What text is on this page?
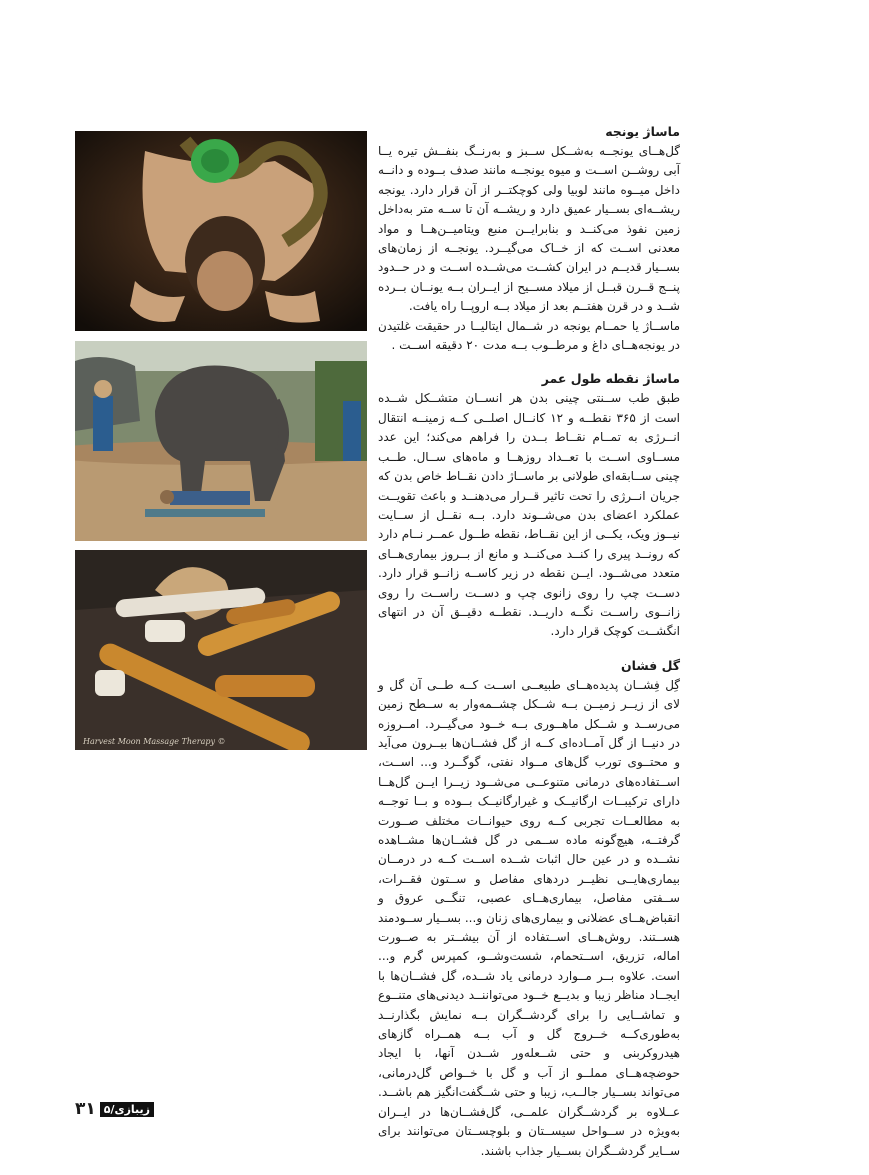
Harvest Moon Massage Therapy ©

ماساژ یونجه

گل‌هــای یونجــه به‌شــکل ســبز و به‌رنــگ بنفــش تیره یــا آبی روشــن اســت و میوه یونجــه مانند صدف بــوده و دانــه داخل میــوه مانند لوبیا ولی کوچکتــر از آن قرار دارد. یونجه ریشــه‌ای بســیار عمیق دارد و ریشــه آن تا ســه متر به‌داخل زمین نفوذ می‌کنــد و بنابرایــن منبع ویتامیــن‌هــا و مواد معدنی اســت که از خــاک می‌گیــرد. یونجــه از زمان‌های بســیار قدیــم در ایران کشــت می‌شــده اســت و در حــدود پنــج قــرن قبــل از میلاد مســیح از ایــران بــه یونــان بــرده شــد و در قرن هفتــم بعد از میلاد بــه اروپــا راه یافت.

ماســاژ یا حمــام یونجه در شــمال ایتالیــا در حقیقت غلتیدن در یونجه‌هــای داغ و مرطــوب بــه مدت ۲۰ دقیقه اســت .

ماساژ نقطه طول عمر

طبق طب ســنتی چینی بدن هر انســان متشــکل شــده است از ۳۶۵ نقطــه و ۱۲ کانــال اصلــی کــه زمینــه انتقال انــرژی به تمــام نقــاط بــدن را فراهم می‌کند؛ این عدد مســاوی اســت با تعــداد روزهــا و ماه‌های ســال. طــب چینی ســابقه‌ای طولانی بر ماســاژ دادن نقــاط خاص بدن که جریان انــرژی را تحت تاثیر قــرار می‌دهنــد و باعث تقویــت عملکرد اعضای بدن می‌شــوند دارد. بــه نقــل از ســایت نیــوز ویک، یکــی از این نقــاط، نقطه طــول عمــر نــام دارد که رونــد پیری را کنــد می‌کنــد و مانع از بــروز بیماری‌هــای متعدد می‌شــود. ایــن نقطه در زیر کاســه زانــو قرار دارد. دســت چپ را روی زانوی چپ و دســت راســت را روی زانــوی راســت نگــه داریــد. نقطــه دقیــق آن در انتهای انگشــت کوچک قرار دارد.

گل فشان

گِل فِشــان پدیده‌هــای طبیعــی اســت کــه طــی آن گل و لای از زیــر زمیــن بــه شــکل چشــمه‌وار به ســطح زمین می‌رســد و شــکل ماهــوری بــه خــود می‌گیــرد. امــروزه در دنیــا از گل آمــاده‌ای کــه از گل فشــان‌ها بیــرون می‌آید و محتــوی تورب گل‌های مــواد نفتی، گوگــرد و... اســت، اســتفاده‌های درمانی متنوعــی می‌شــود زیــرا ایــن گل‌هــا دارای ترکیبــات ارگانیــک و غیرارگانیــک بــوده و بــا توجــه به مطالعــات تجربی کــه روی حیوانــات مختلف صــورت گرفتــه، هیچ‌گونه ماده ســمی در گل فشــان‌ها مشــاهده نشــده و در عین حال اثبات شــده اســت کــه در درمــان بیماری‌هایــی نظیــر دردهای مفاصل و ســتون فقــرات، ســفتی مفاصل، بیماری‌هــای عصبی، تنگــی عروق و انقباض‌هــای عضلانی و بیماری‌های زنان و... بســیار ســودمند هســتند. روش‌هــای اســتفاده از آن بیشــتر به صــورت اماله، تزریق، اســتحمام، شست‌وشــو، کمپرس گرم و... است. علاوه بــر مــوارد درمانی یاد شــده، گل فشــان‌ها با ایجــاد مناظر زیبا و بدیــع خــود می‌تواننــد دیدنی‌های متنــوع و تماشــایی را برای گردشــگران بــه نمایش بگذارنــد به‌طوری‌کــه خــروج گل و آب بــه همــراه گازهای هیدروکربنی و حتی شــعله‌ور شــدن آنها، با ایجاد حوضچه‌هــای مملــو از آب و گل با خــواص گل‌درمانی، می‌تواند بســیار جالــب، زیبا و حتی شــگفت‌انگیز هم باشــد. عــلاوه بر گردشــگران علمــی، گل‌فشــان‌ها در ایــران به‌ویژه در ســواحل سیســتان و بلوچســتان می‌توانند برای ســایر گردشــگران بســیار جذاب باشند.

۳۱ زیبازی/۵
